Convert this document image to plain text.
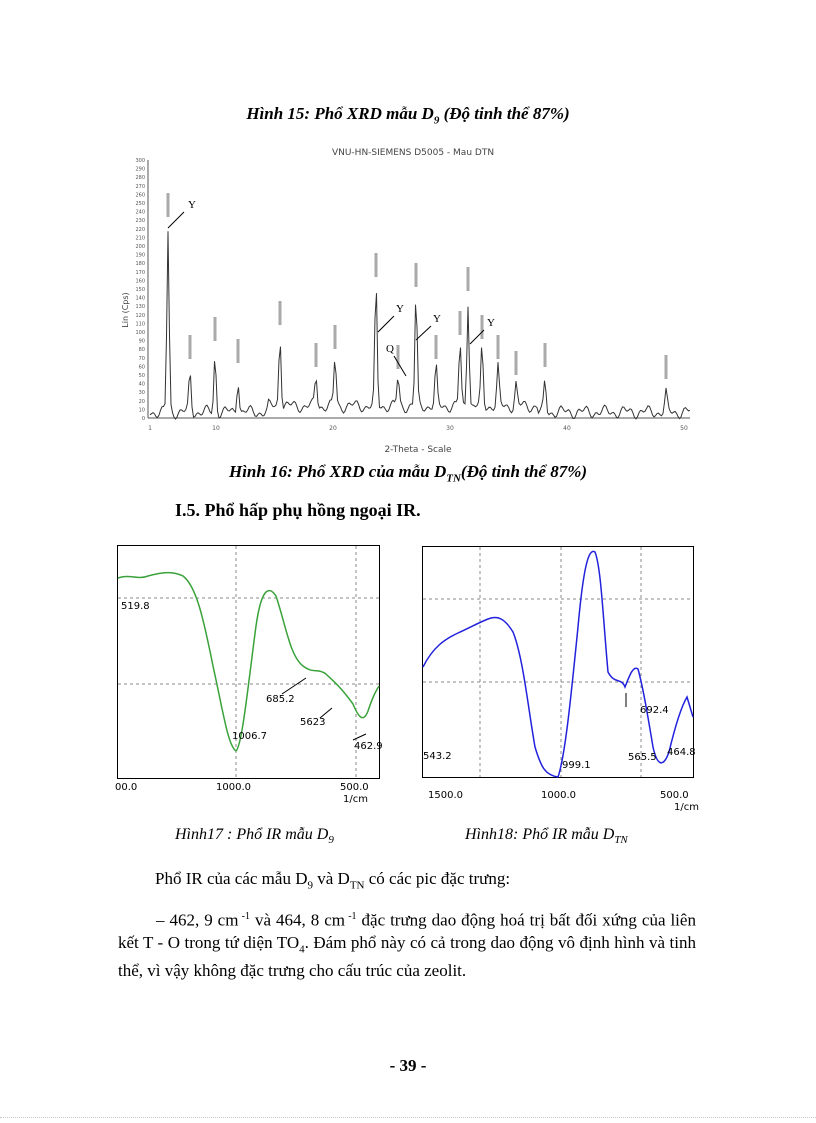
Hình 15: Phổ XRD mẫu $D_9$ (Độ tinh thể 87%)
VNU-HN-SIEMENS D5005 - Mau DTN
Lin (Cps)
2-Theta - Scale
300
290
280
270
260
250
240
230
220
210
200
190
180
170
160
150
140
130
120
110
100
90
80
70
60
50
40
30
20
10
0
1	10	20	30	40	50
Y
Y
Y	Y
Q
Hình 16: Phổ XRD của mẫu $D_{TN}(Độ$ tinh thể 87%)
I.5. Phổ hấp phụ hồng ngoại IR.
519.8
685.2
5623
1006.7
462.9
00.0	1000.0	500.0
1/cm
543.2
999.1
692.4
565.5 464.8
1500.0	1000.0	500.0
1/cm
Hình17 : Phổ IR mẫu $D_9$	Hình18: Phổ IR mẫu $D_{TN}$
Phổ IR của các mẫu $D_9$ và $D_{TN}$ có các pic đặc trưng:
– 462, 9 cm $^{-1}$ và 464, 8 cm $^{-1}$ đặc trưng dao động hoá trị bất đối xứng của liên kết T - O trong tứ diện $TO_4$. Đám phổ này có cả trong dao động vô định hình và tinh thể, vì vậy không đặc trưng cho cấu trúc của zeolit.
- 39 -
